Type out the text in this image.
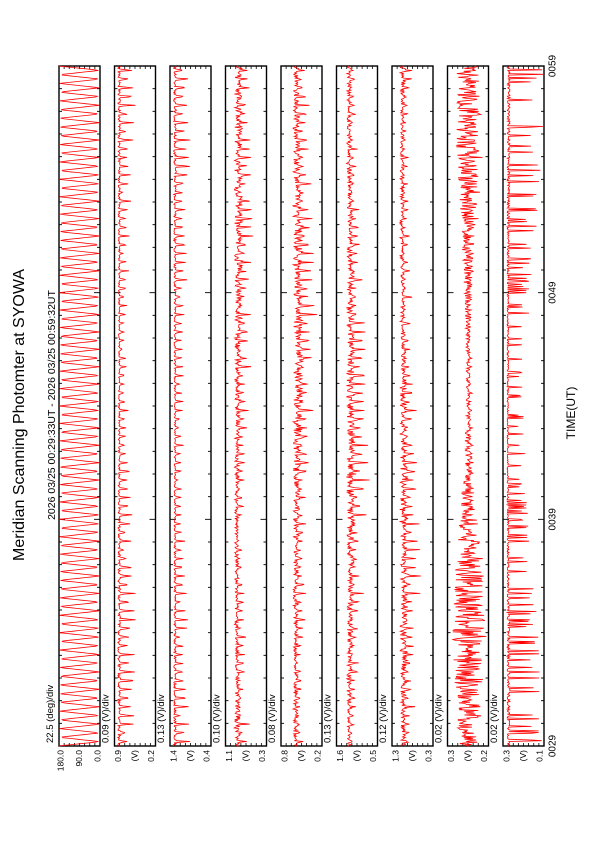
Meridian Scanning Photomter at SYOWA 2026 03/25 00:29:33UT - 2026 03/25 00:59:32UT	TIME(UT)
22.5 (deg)/div
180.0 90.0 0.0
0.09 (V)/div
0.9	0.2
(V)
0.13 (V)/div
1.4	0.4
(V)
0.10 (V)/div
1.1	0.3
(V)
0.08 (V)/div
0.8	0.2
(V)
0.13 (V)/div
1.6	0.5
(V)
0.12 (V)/div
1.3	0.3
(V)
0.02 (V)/div
0.3	0.2
(V)
0.02 (V)/div
0.3	0.1
(V) 0029
0039
0049
0059
